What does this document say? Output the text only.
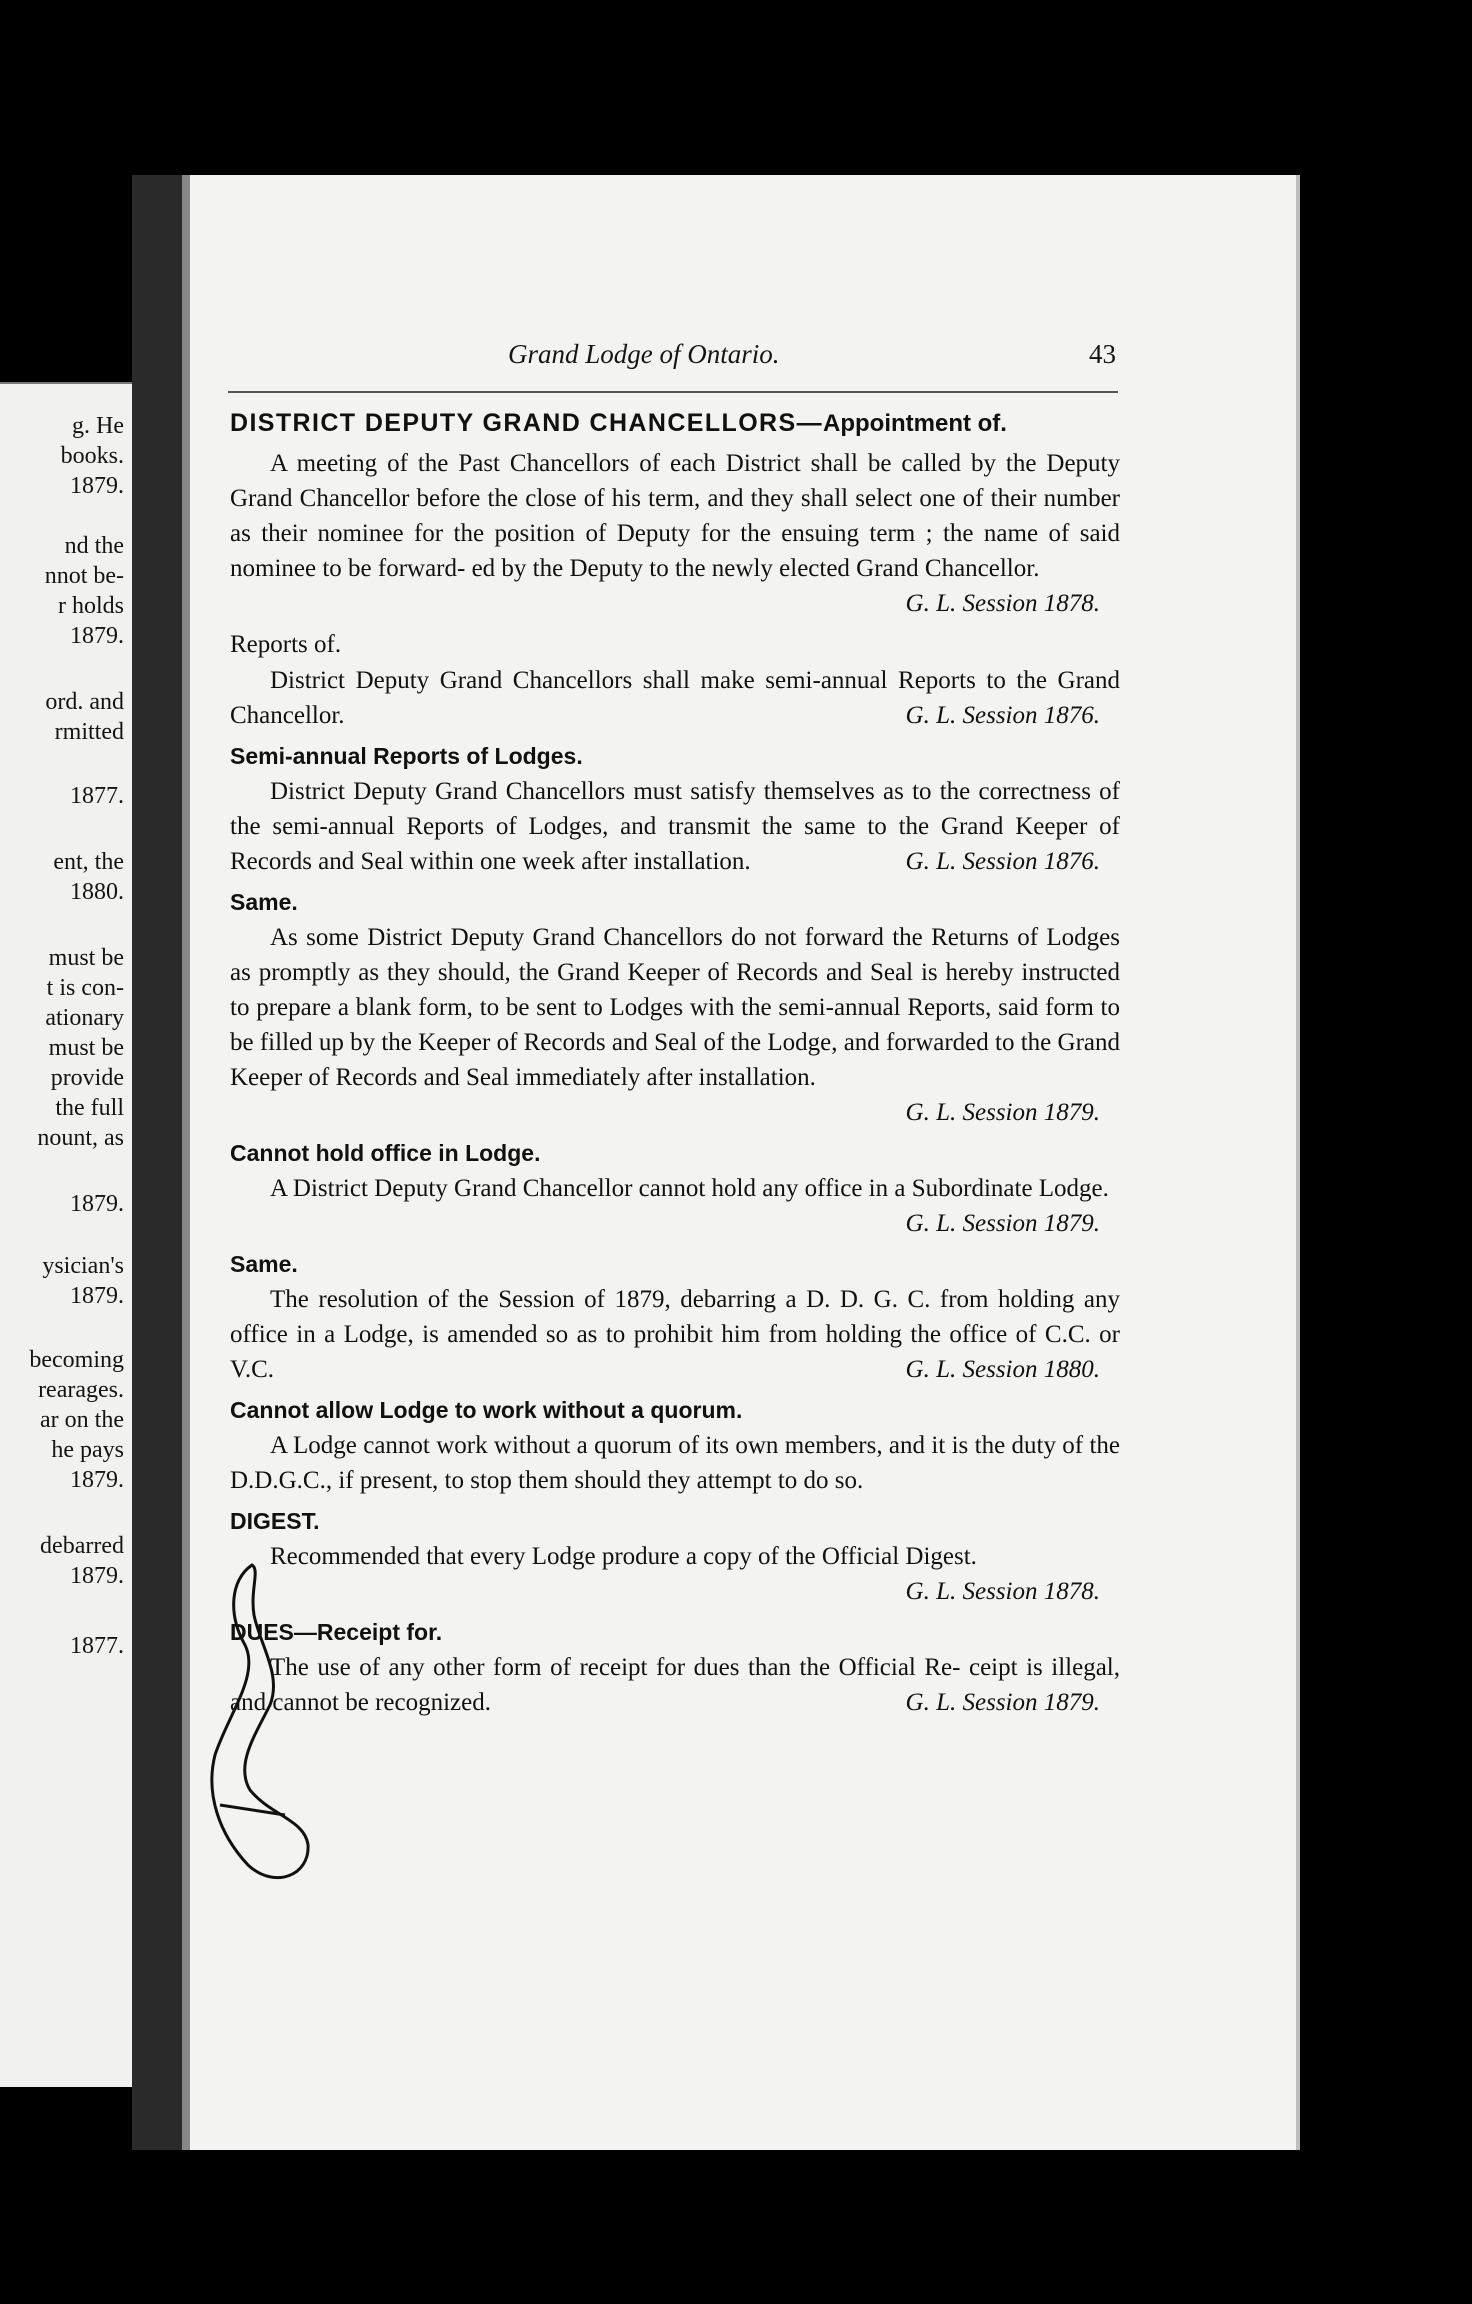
g. He
books.
1879.
nd the
nnot be-
r holds
1879.
ord. and
rmitted
1877.
ent, the
1880.
must be
t is con-
ationary
must be
provide
the full
nount, as
1879.
ysician's
1879.
becoming
rearages.
ar on the
he pays
1879.
debarred
1879.
1877.
Grand Lodge of Ontario.	43
DISTRICT DEPUTY GRAND CHANCELLORS—Appointment of.

A meeting of the Past Chancellors of each District shall be called by the Deputy Grand Chancellor before the close of his term, and they shall select one of their number as their nominee for the position of Deputy for the ensuing term ; the name of said nominee to be forward- ed by the Deputy to the newly elected Grand Chancellor.

G. L. Session 1878.
Reports of.

District Deputy Grand Chancellors shall make semi-annual Reports to the Grand Chancellor.	G. L. Session 1876.

Semi-annual Reports of Lodges.

District Deputy Grand Chancellors must satisfy themselves as to the correctness of the semi-annual Reports of Lodges, and transmit the same to the Grand Keeper of Records and Seal within one week after installation.	G. L. Session 1876.

Same.

As some District Deputy Grand Chancellors do not forward the Returns of Lodges as promptly as they should, the Grand Keeper of Records and Seal is hereby instructed to prepare a blank form, to be sent to Lodges with the semi-annual Reports, said form to be filled up by the Keeper of Records and Seal of the Lodge, and forwarded to the Grand Keeper of Records and Seal immediately after installation.

G. L. Session 1879.
Cannot hold office in Lodge.

A District Deputy Grand Chancellor cannot hold any office in a Subordinate Lodge.
G. L. Session 1879.

Same.

The resolution of the Session of 1879, debarring a D. D. G. C. from holding any office in a Lodge, is amended so as to prohibit him from holding the office of C.C. or V.C.	G. L. Session 1880.

Cannot allow Lodge to work without a quorum.

A Lodge cannot work without a quorum of its own members, and it is the duty of the D.D.G.C., if present, to stop them should they attempt to do so.

DIGEST.

Recommended that every Lodge produre a copy of the Official Digest.
G. L. Session 1878.

DUES—Receipt for.

The use of any other form of receipt for dues than the Official Re- ceipt is illegal, and cannot be recognized.	G. L. Session 1879.
